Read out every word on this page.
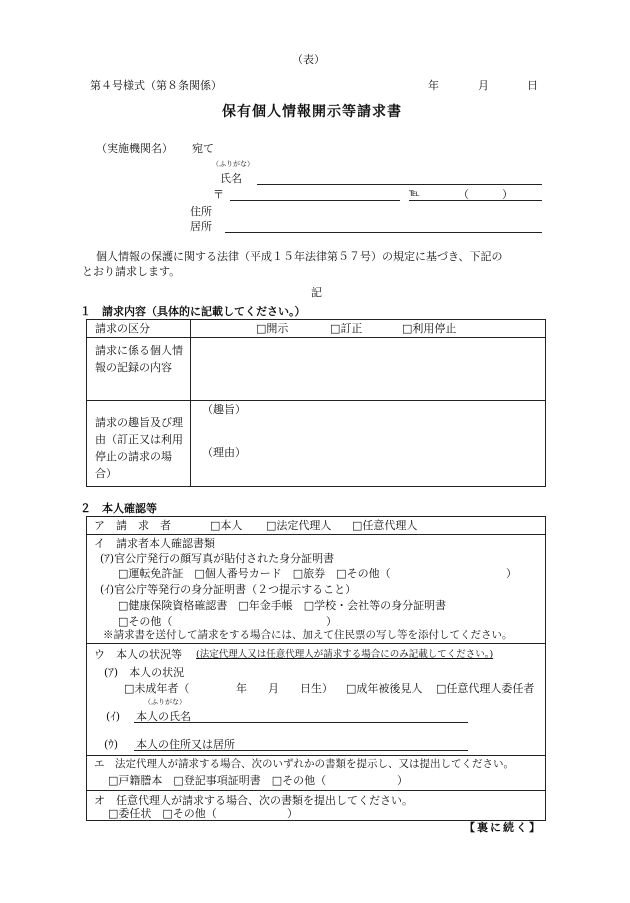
（表）
第４号様式（第８条関係）	年	月	日
保有個人情報開示等請求書
（実施機関名） 宛て
（ふりがな）
氏名
〒	℡	（　　　）
住所
居所
個人情報の保護に関する法律（平成１５年法律第５７号）の規定に基づき、下記の
とおり請求します。
記
１　請求内容（具体的に記載してください。）
請求の区分	□開示	□訂正	□利用停止
請求に係る個人情報の記録の内容
請求の趣旨及び理由（訂正又は利用停止の請求の場合）
（趣旨）
（理由）
２　本人確認等
ア　請　求　者	□本人 □法定代理人 □任意代理人
イ　請求者本人確認書類
(ｱ)官公庁発行の顔写真が貼付された身分証明書
□運転免許証　□個人番号カード　□旅券　□その他（	）
(ｲ)官公庁等発行の身分証明書（２つ提示すること）
□健康保険資格確認書　□年金手帳　□学校・会社等の身分証明書
□その他（	）
※請求書を送付して請求をする場合には、加えて住民票の写し等を添付してください。
ウ　本人の状況等 (法定代理人又は任意代理人が請求する場合にのみ記載してください。)
(ｱ)　本人の状況
□未成年者（	年 月 日生） □成年被後見人 □任意代理人委任者
（ふりがな）
(ｲ) 本人の氏名
(ｳ) 本人の住所又は居所
エ　法定代理人が請求する場合、次のいずれかの書類を提示し、又は提出してください。
□戸籍謄本　□登記事項証明書　□その他（	）
オ　任意代理人が請求する場合、次の書類を提出してください。
□委任状　□その他（	）
【裏に続く】
